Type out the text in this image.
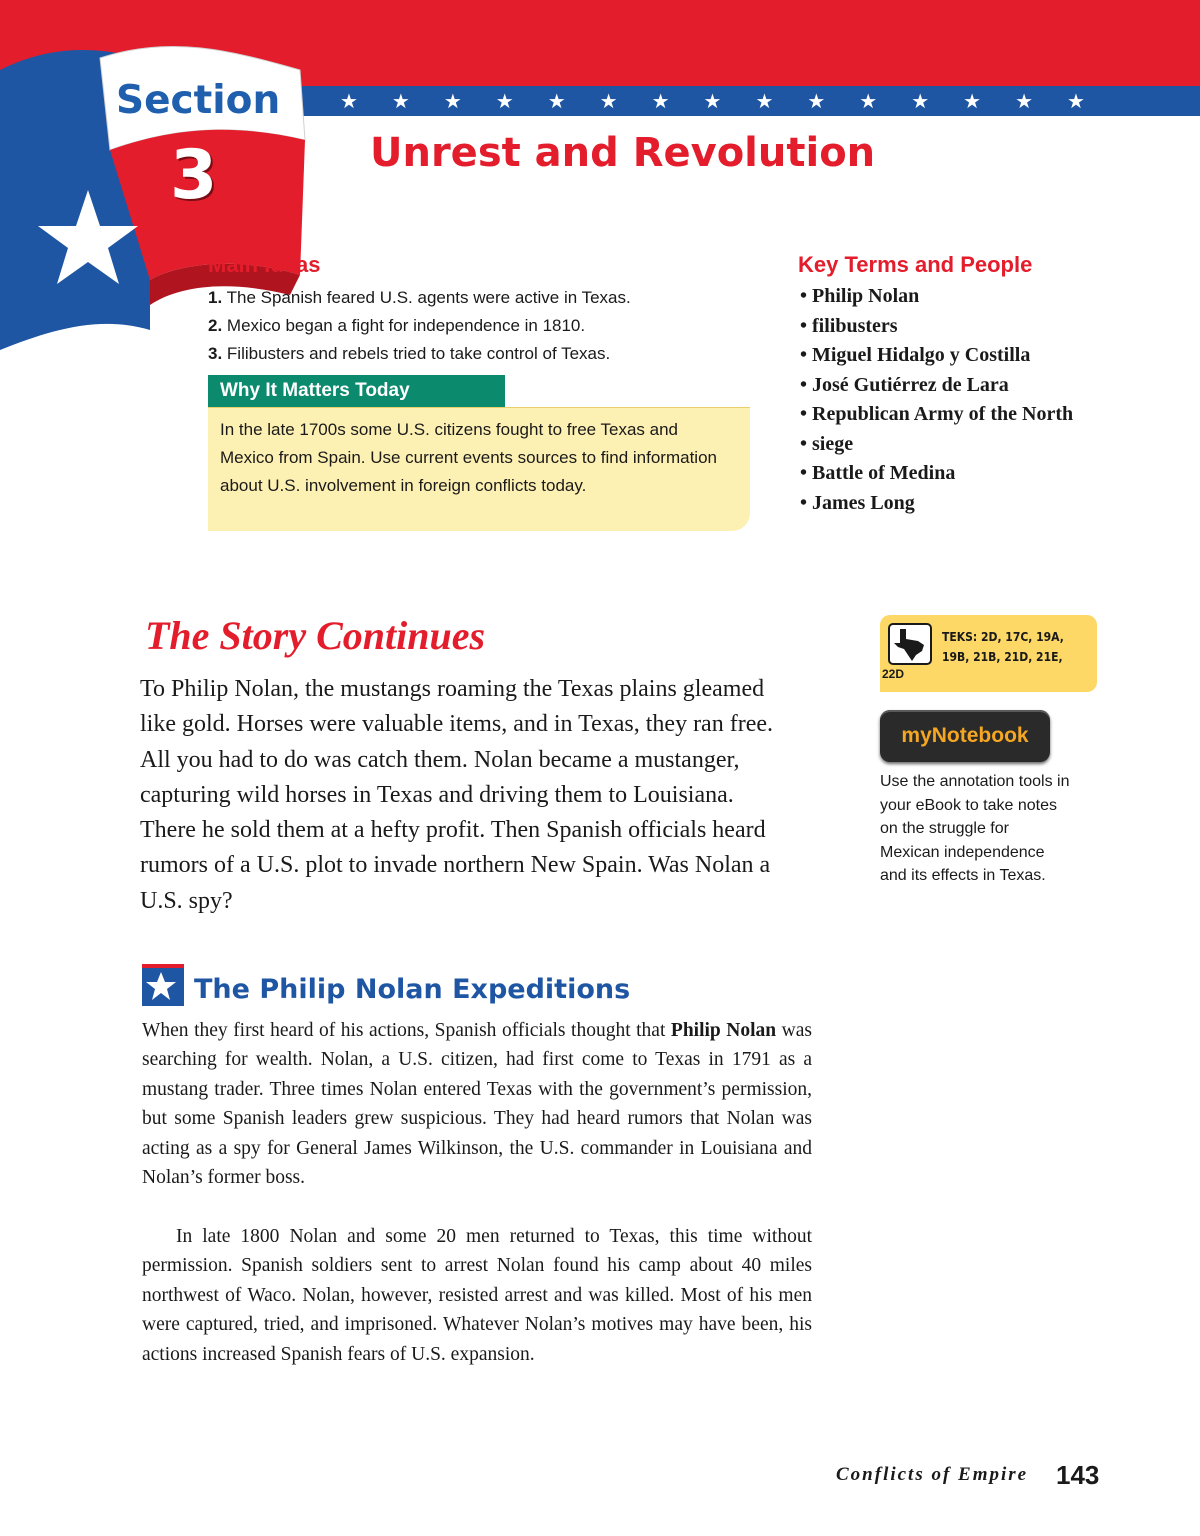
★★★★★★★★★★★★★★★
Section
3	Unrest and Revolution
Main Ideas
1. The Spanish feared U.S. agents were active in Texas.
2. Mexico began a fight for independence in 1810.
3. Filibusters and rebels tried to take control of Texas.
Why It Matters Today
In the late 1700s some U.S. citizens fought to free Texas and Mexico from Spain. Use current events sources to find information about U.S. involvement in foreign conflicts today.
Key Terms and People
• Philip Nolan
• filibusters
• Miguel Hidalgo y Costilla
• José Gutiérrez de Lara
• Republican Army of the North
• siege
• Battle of Medina
• James Long
The Story Continues

To Philip Nolan, the mustangs roaming the Texas plains gleamed like gold. Horses were valuable items, and in Texas, they ran free. All you had to do was catch them. Nolan became a mustanger, capturing wild horses in Texas and driving them to Louisiana. There he sold them at a hefty profit. Then Spanish officials heard rumors of a U.S. plot to invade northern New Spain. Was Nolan a U.S. spy?

TEKS: 2D, 17C, 19A, 19B, 21B, 21D, 21E,
22D
myNotebook
Use the annotation tools in your eBook to take notes on the struggle for Mexican independence and its effects in Texas.
The Philip Nolan Expeditions

When they first heard of his actions, Spanish officials thought that Philip Nolan was searching for wealth. Nolan, a U.S. citizen, had first come to Texas in 1791 as a mustang trader. Three times Nolan entered Texas with the government’s permission, but some Spanish leaders grew suspicious. They had heard rumors that Nolan was acting as a spy for General James Wilkinson, the U.S. commander in Louisiana and Nolan’s former boss.

In late 1800 Nolan and some 20 men returned to Texas, this time without permission. Spanish soldiers sent to arrest Nolan found his camp about 40 miles northwest of Waco. Nolan, however, resisted arrest and was killed. Most of his men were captured, tried, and imprisoned. Whatever Nolan’s motives may have been, his actions increased Spanish fears of U.S. expansion.

Conflicts of Empire 143
